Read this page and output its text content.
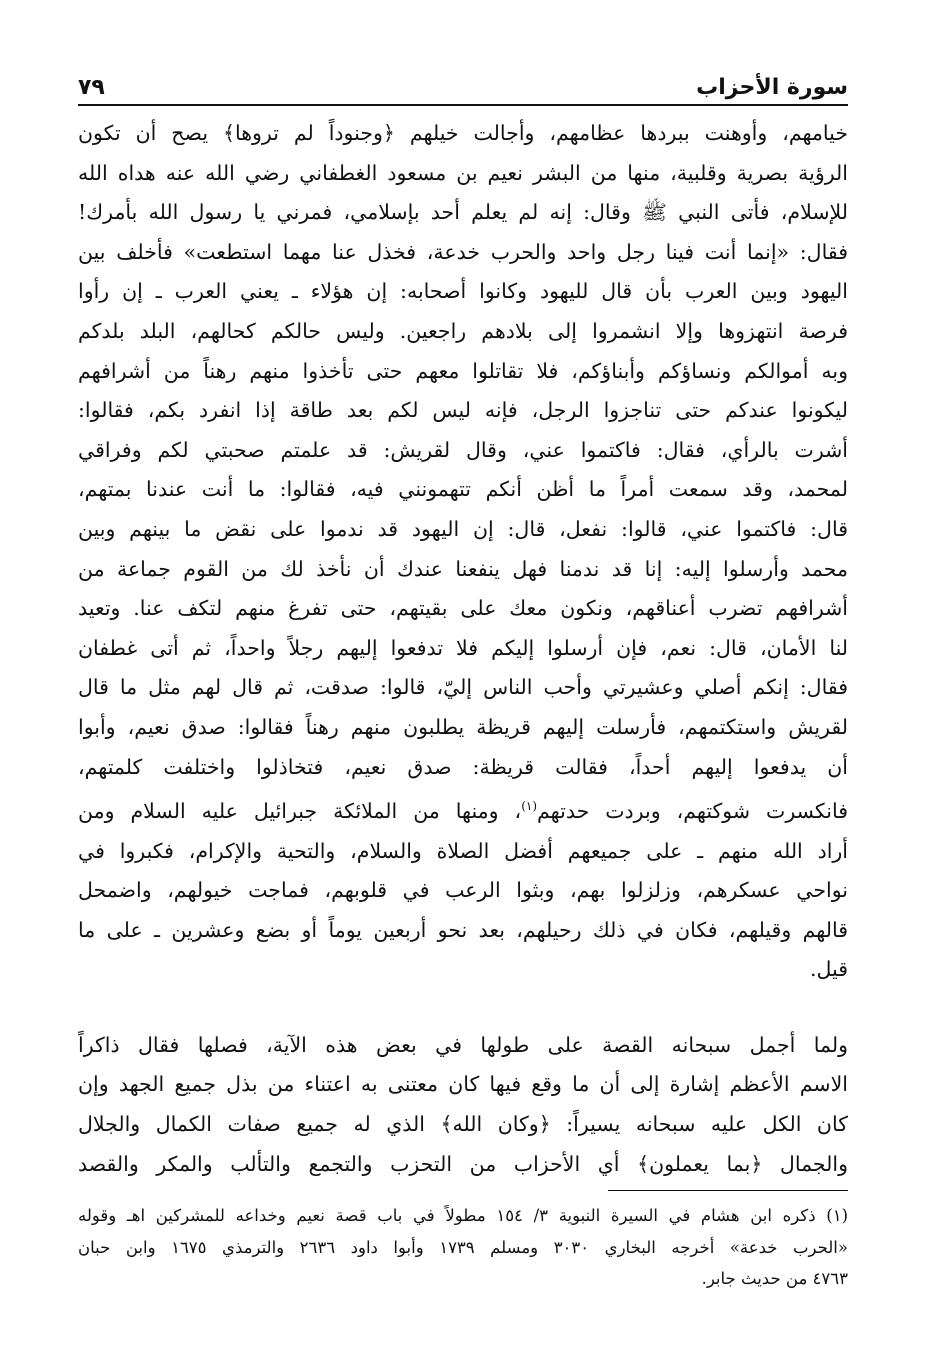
٧٩	سورة الأحزاب

خيامهم، وأوهنت ببردها عظامهم، وأجالت خيلهم ﴿وجنوداً لم تروها﴾ يصح أن تكون
الرؤية بصرية وقلبية، منها من البشر نعيم بن مسعود الغطفاني رضي الله عنه هداه الله
للإسلام، فأتى النبي ﷺ وقال: إنه لم يعلم أحد بإسلامي، فمرني يا رسول الله بأمرك!
فقال: «إنما أنت فينا رجل واحد والحرب خدعة، فخذل عنا مهما استطعت» فأخلف بين
اليهود وبين العرب بأن قال لليهود وكانوا أصحابه: إن هؤلاء ـ يعني العرب ـ إن رأوا
فرصة انتهزوها وإلا انشمروا إلى بلادهم راجعين. وليس حالكم كحالهم، البلد بلدكم
وبه أموالكم ونساؤكم وأبناؤكم، فلا تقاتلوا معهم حتى تأخذوا منهم رهناً من أشرافهم
ليكونوا عندكم حتى تناجزوا الرجل، فإنه ليس لكم بعد طاقة إذا انفرد بكم، فقالوا:
أشرت بالرأي، فقال: فاكتموا عني، وقال لقريش: قد علمتم صحبتي لكم وفراقي
لمحمد، وقد سمعت أمراً ما أظن أنكم تتهمونني فيه، فقالوا: ما أنت عندنا بمتهم،
قال: فاكتموا عني، قالوا: نفعل، قال: إن اليهود قد ندموا على نقض ما بينهم وبين
محمد وأرسلوا إليه: إنا قد ندمنا فهل ينفعنا عندك أن نأخذ لك من القوم جماعة من
أشرافهم تضرب أعناقهم، ونكون معك على بقيتهم، حتى تفرغ منهم لتكف عنا. وتعيد
لنا الأمان، قال: نعم، فإن أرسلوا إليكم فلا تدفعوا إليهم رجلاً واحداً، ثم أتى غطفان
فقال: إنكم أصلي وعشيرتي وأحب الناس إليّ، قالوا: صدقت، ثم قال لهم مثل ما قال
لقريش واستكتمهم، فأرسلت إليهم قريظة يطلبون منهم رهناً فقالوا: صدق نعيم، وأبوا
أن يدفعوا إليهم أحداً، فقالت قريظة: صدق نعيم، فتخاذلوا واختلفت كلمتهم،
فانكسرت شوكتهم، وبردت حدتهم$^{(١)}$، ومنها من الملائكة جبرائيل عليه السلام ومن
أراد الله منهم ـ على جميعهم أفضل الصلاة والسلام، والتحية والإكرام، فكبروا في
نواحي عسكرهم، وزلزلوا بهم، وبثوا الرعب في قلوبهم، فماجت خيولهم، واضمحل
قالهم وقيلهم، فكان في ذلك رحيلهم، بعد نحو أربعين يوماً أو بضع وعشرين ـ على ما
قيل.

ولما أجمل سبحانه القصة على طولها في بعض هذه الآية، فصلها فقال ذاكراً
الاسم الأعظم إشارة إلى أن ما وقع فيها كان معتنى به اعتناء من بذل جميع الجهد وإن
كان الكل عليه سبحانه يسيراً: ﴿وكان الله﴾ الذي له جميع صفات الكمال والجلال
والجمال ﴿بما يعملون﴾ أي الأحزاب من التحزب والتجمع والتألب والمكر والقصد

(١) ذكره ابن هشام في السيرة النبوية ٣/ ١٥٤ مطولاً في باب قصة نعيم وخداعه للمشركين اهـ وقوله
«الحرب خدعة» أخرجه البخاري ٣٠٣٠ ومسلم ١٧٣٩ وأبوا داود ٢٦٣٦ والترمذي ١٦٧٥ وابن حبان
٤٧٦٣ من حديث جابر.
